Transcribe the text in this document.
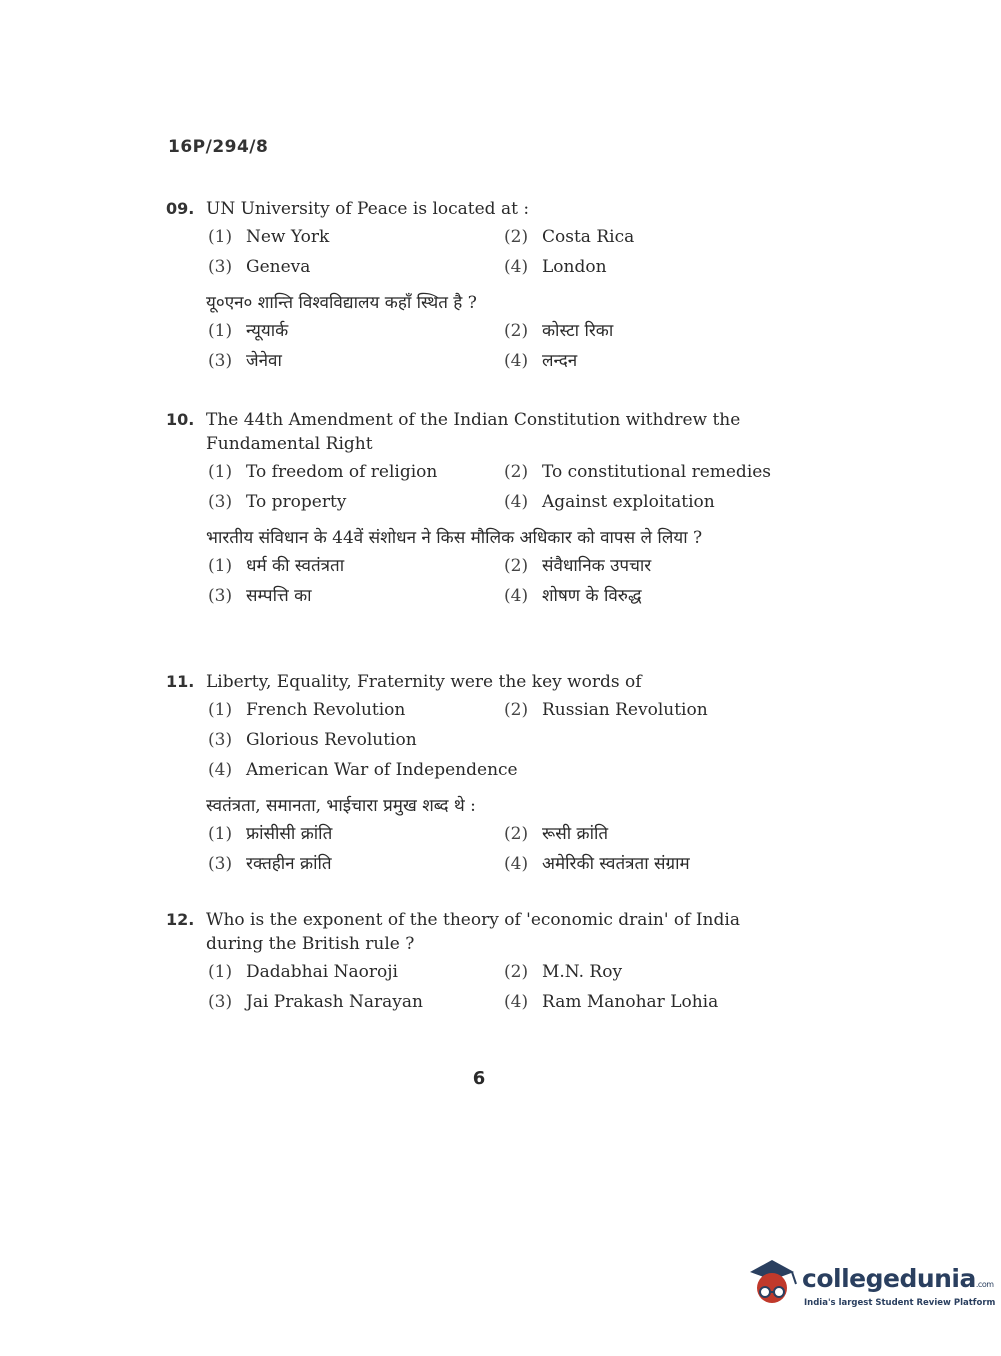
16P/294/8
09. UN University of Peace is located at :
(1) New York	(2) Costa Rica
(3) Geneva	(4) London
यू०एन० शान्ति विश्वविद्यालय कहाँ स्थित है ?
(1) न्यूयार्क	(2) कोस्टा रिका
(3) जेनेवा	(4) लन्दन
10. The 44th Amendment of the Indian Constitution withdrew the Fundamental Right
(1) To freedom of religion	(2) To constitutional remedies
(3) To property	(4) Against exploitation
भारतीय संविधान के 44वें संशोधन ने किस मौलिक अधिकार को वापस ले लिया ?
(1) धर्म की स्वतंत्रता	(2) संवैधानिक उपचार
(3) सम्पत्ति का	(4) शोषण के विरुद्ध
11. Liberty, Equality, Fraternity were the key words of
(1) French Revolution	(2) Russian Revolution
(3) Glorious Revolution
(4) American War of Independence
स्वतंत्रता, समानता, भाईचारा प्रमुख शब्द थे :
(1) फ्रांसीसी क्रांति	(2) रूसी क्रांति
(3) रक्तहीन क्रांति	(4) अमेरिकी स्वतंत्रता संग्राम
12. Who is the exponent of the theory of 'economic drain' of India during the British rule ?
(1) Dadabhai Naoroji	(2) M.N. Roy
(3) Jai Prakash Narayan	(4) Ram Manohar Lohia
6
collegedunia.com
India's largest Student Review Platform
